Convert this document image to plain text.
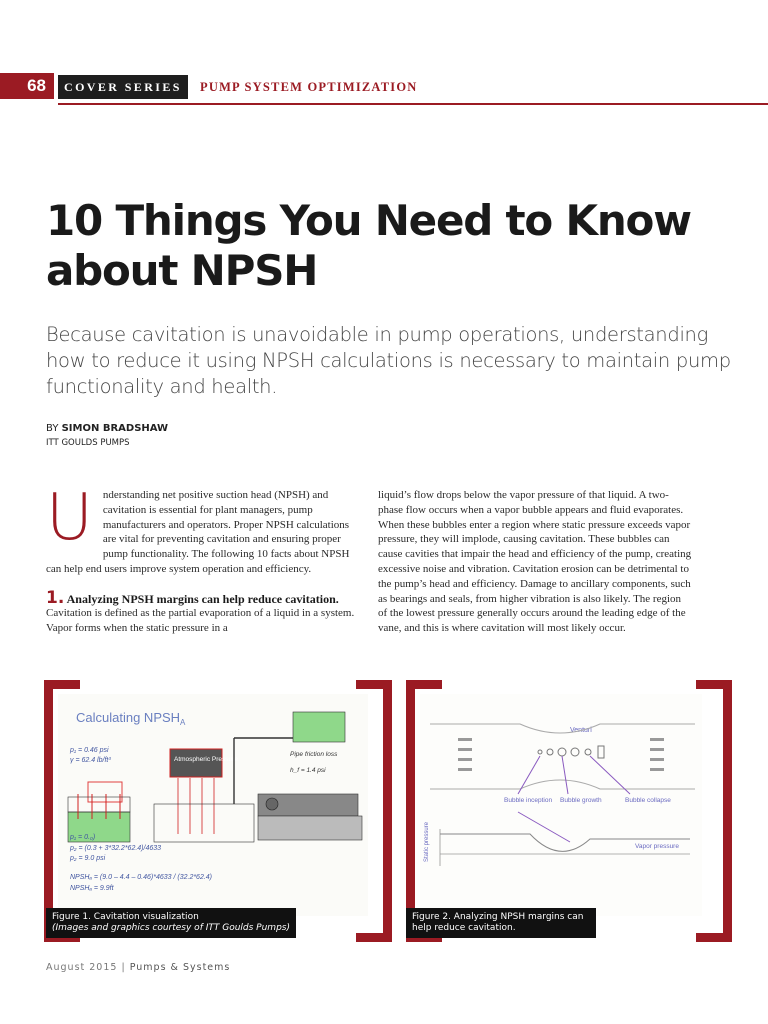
68	COVER SERIES	PUMP SYSTEM OPTIMIZATION
10 Things You Need to Know about NPSH

Because cavitation is unavoidable in pump operations, understanding how to reduce it using NPSH calculations is necessary to maintain pump functionality and health.

BY SIMON BRADSHAW
ITT GOULDS PUMPS
U nderstanding net positive suction head (NPSH) and cavitation is essential for plant managers, pump manufacturers and operators. Proper NPSH calculations are vital for preventing cavitation and ensuring proper pump functionality. The following 10 facts about NPSH can help end users improve system operation and efficiency.
1. Analyzing NPSH margins can help reduce cavitation.
Cavitation is defined as the partial evaporation of a liquid in a system. Vapor forms when the static pressure in a
liquid’s flow drops below the vapor pressure of that liquid. A two-phase flow occurs when a vapor bubble appears and fluid evaporates. When these bubbles enter a region where static pressure exceeds vapor pressure, they will implode, causing cavitation. These bubbles can cause cavities that impair the head and efficiency of the pump, creating excessive noise and vibration. Cavitation erosion can be detrimental to the pump’s head and efficiency. Damage to ancillary components, such as bearings and seals, from higher vibration is also likely. The region of the lowest pressure generally occurs around the leading edge of the vane, and this is where cavitation will most likely occur.
Calculating $NPSH_A$
p₁ = 0.46 psi
γ = 62.4 lb/ft³	Atmospheric Pressure
Pipe friction loss
h_f = 1.4 psi
p₁ = 0.₀)
p₂ = (0.3 + 3*32.2*62.4)/4633
p₂ = 9.0 psi
NPSHₐ = (9.0 – 4.4 – 0.46)*4633 / (32.2*62.4)
NPSHₐ = 9.9ft
Figure 1. Cavitation visualization
(Images and graphics courtesy of ITT Goulds Pumps)
Venturi
Bubble inception Bubble growth	Bubble collapse
Static pressure	Vapor pressure
Figure 2. Analyzing NPSH margins can help reduce cavitation.
August 2015 | Pumps & Systems
